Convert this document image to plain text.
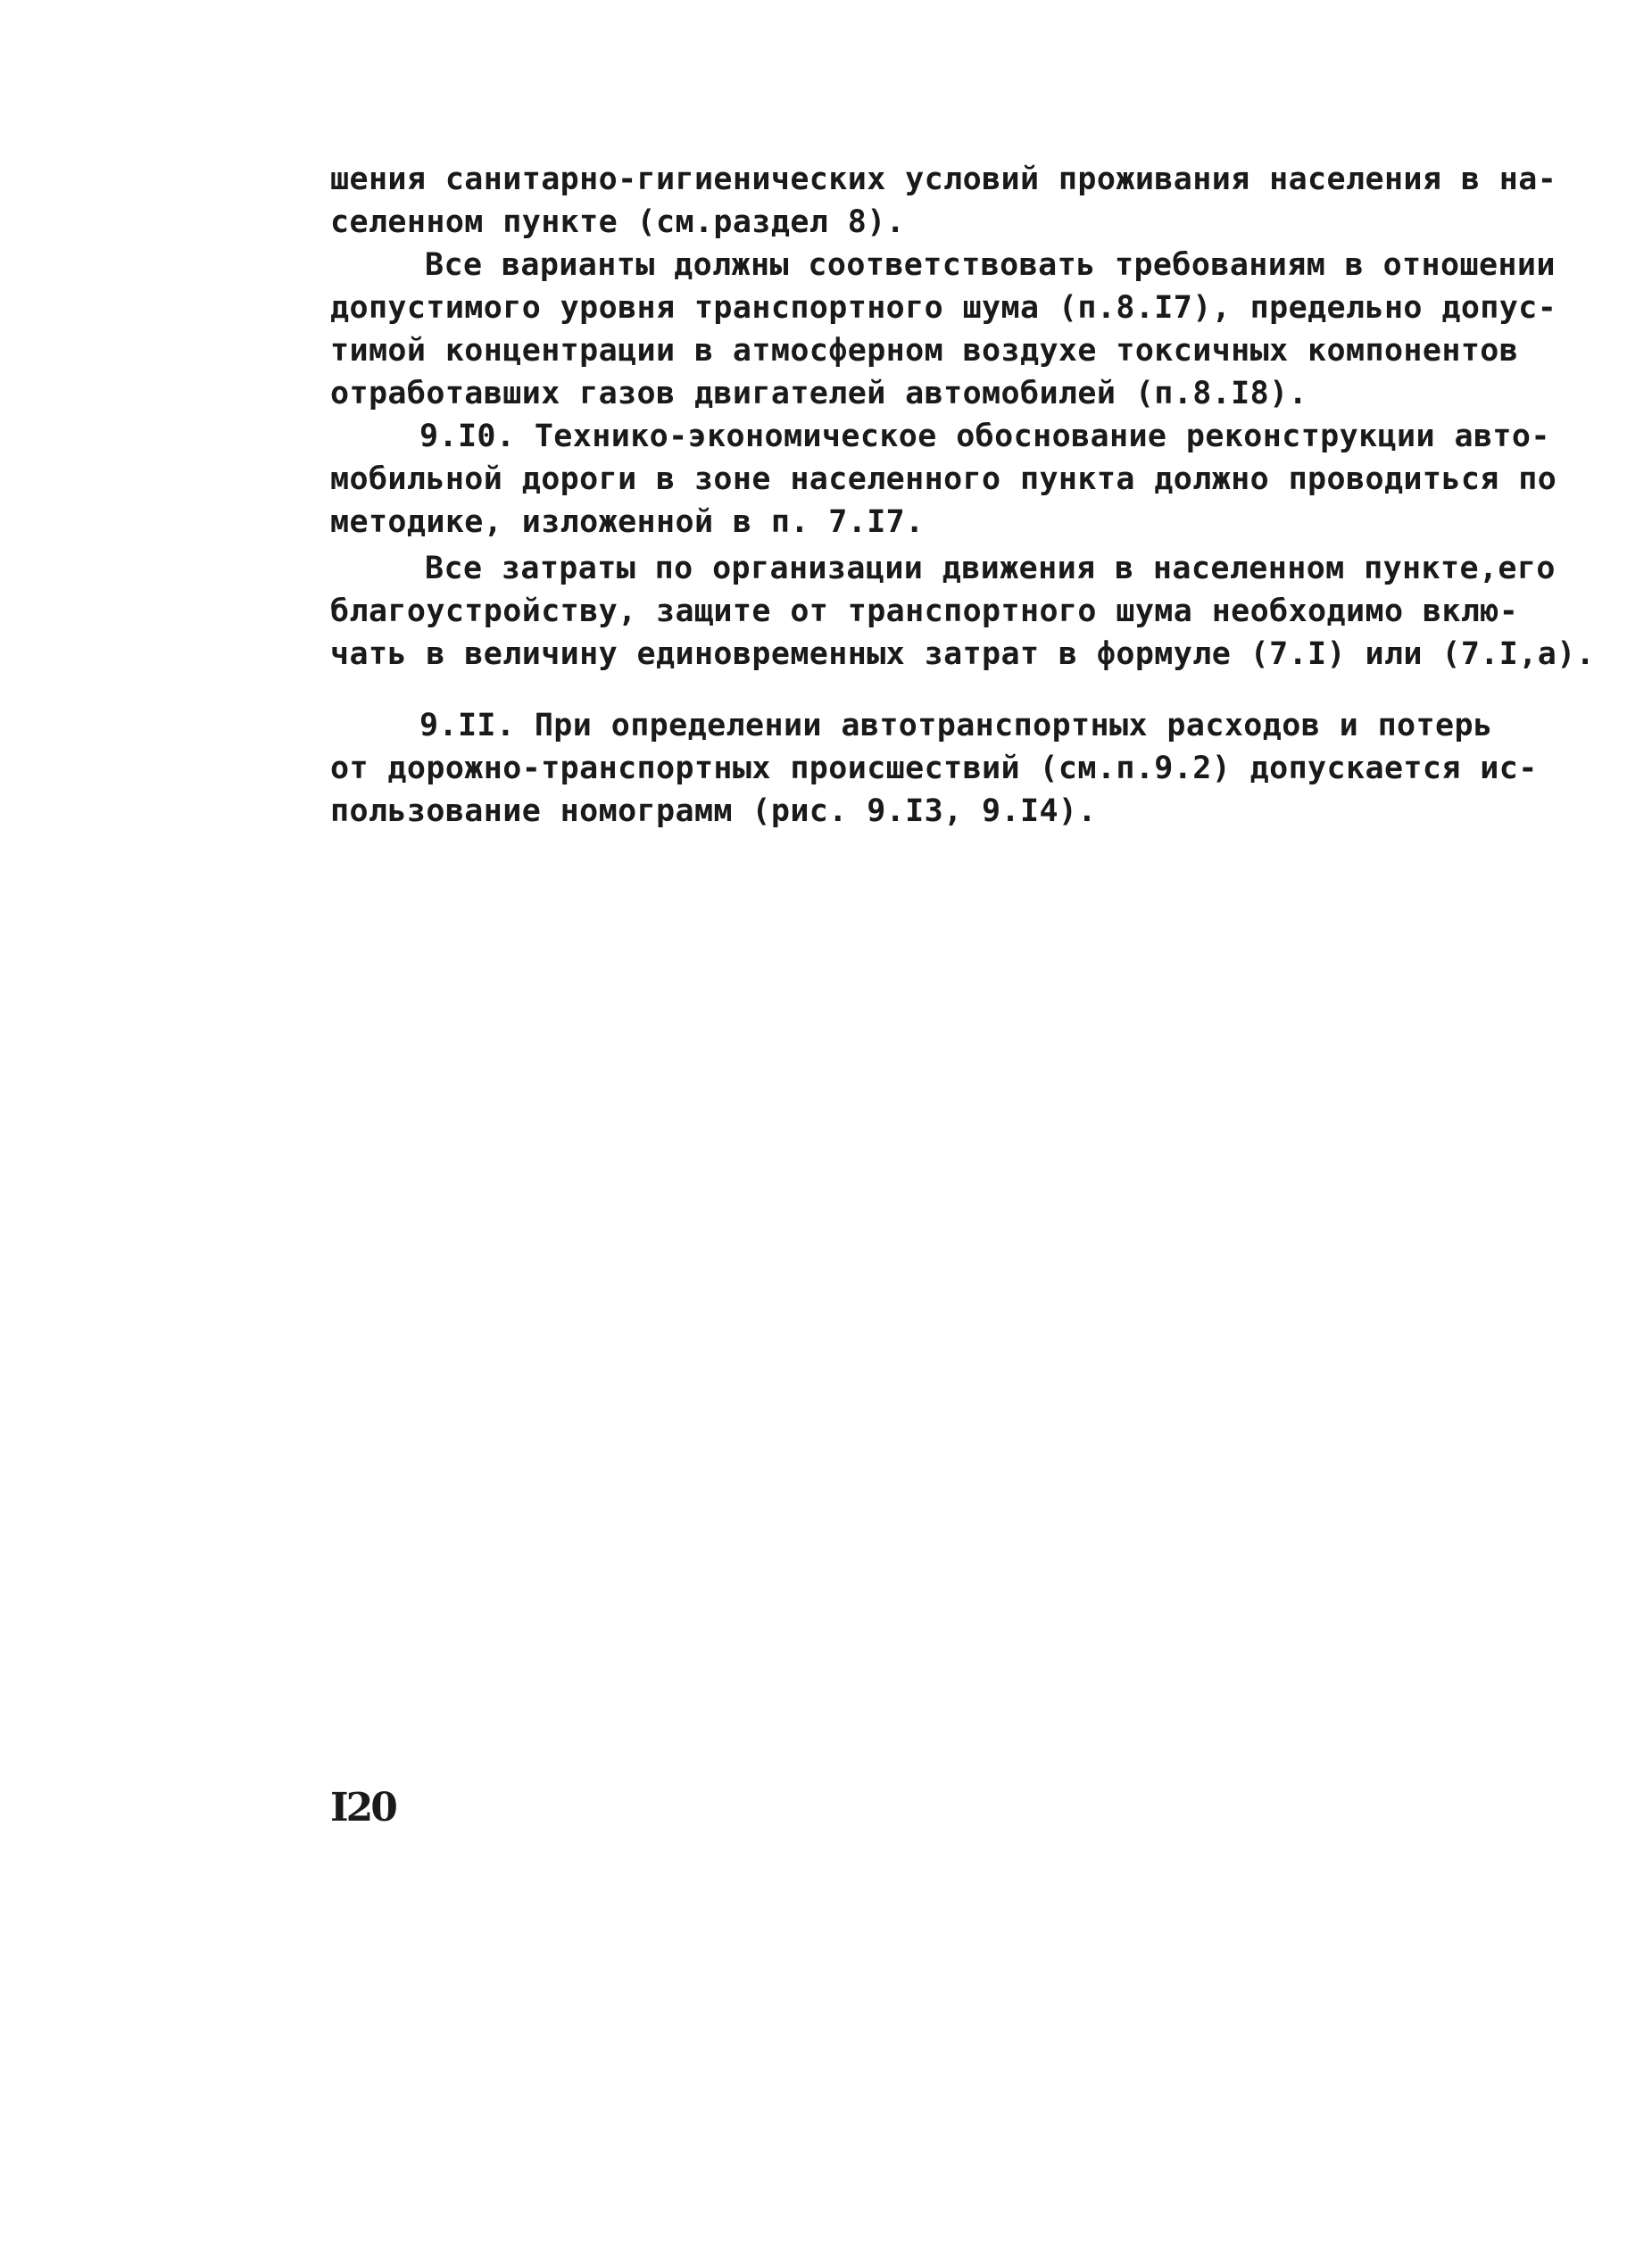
шения санитарно-гигиенических условий проживания населения в на-
селенном пункте (см.раздел 8).
Все варианты должны соответствовать требованиям в отношении
допустимого уровня транспортного шума (п.8.I7), предельно допус-
тимой концентрации в атмосферном воздухе токсичных компонентов
отработавших газов двигателей автомобилей (п.8.I8).
9.I0. Технико-экономическое обоснование реконструкции авто-
мобильной дороги в зоне населенного пункта должно проводиться по
методике, изложенной в п. 7.I7.
Все затраты по организации движения в населенном пункте,его
благоустройству, защите от транспортного шума необходимо вклю-
чать в величину единовременных затрат в формуле (7.I) или (7.I,а).
9.II. При определении автотранспортных расходов и потерь
от дорожно-транспортных происшествий (см.п.9.2) допускается ис-
пользование номограмм (рис. 9.I3, 9.I4).
I20
